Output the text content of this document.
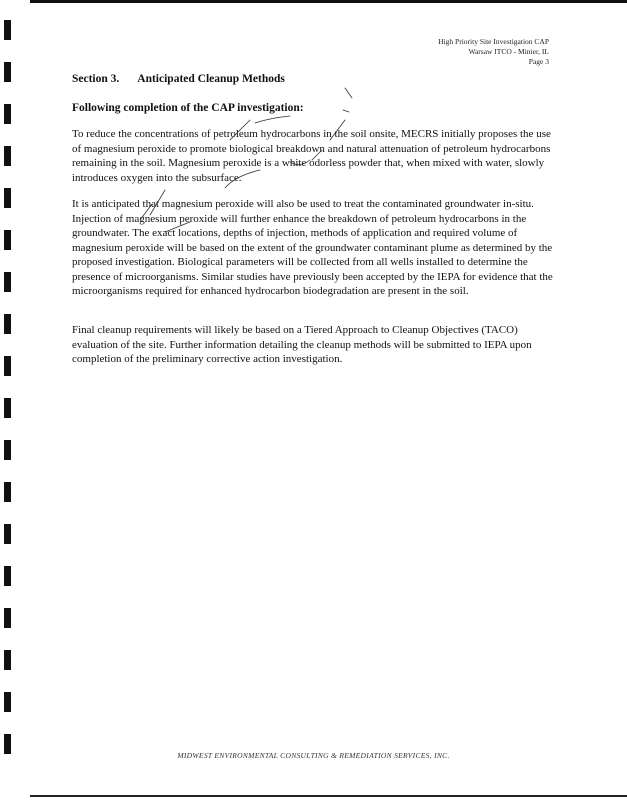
High Priority Site Investigation CAP
Warsaw ITCO - Minier, IL
Page 3
Section 3. Anticipated Cleanup Methods
Following completion of the CAP investigation:
To reduce the concentrations of petroleum hydrocarbons in the soil onsite, MECRS initially proposes the use of magnesium peroxide to promote biological breakdown and natural attenuation of petroleum hydrocarbons remaining in the soil. Magnesium peroxide is a white odorless powder that, when mixed with water, slowly introduces oxygen into the subsurface.
It is anticipated that magnesium peroxide will also be used to treat the contaminated groundwater in-situ. Injection of magnesium peroxide will further enhance the breakdown of petroleum hydrocarbons in the groundwater. The exact locations, depths of injection, methods of application and required volume of magnesium peroxide will be based on the extent of the groundwater contaminant plume as determined by the proposed investigation. Biological parameters will be collected from all wells installed to determine the presence of microorganisms. Similar studies have previously been accepted by the IEPA for evidence that the microorganisms required for enhanced hydrocarbon biodegradation are present in the soil.
Final cleanup requirements will likely be based on a Tiered Approach to Cleanup Objectives (TACO) evaluation of the site. Further information detailing the cleanup methods will be submitted to IEPA upon completion of the preliminary corrective action investigation.
MIDWEST ENVIRONMENTAL CONSULTING & REMEDIATION SERVICES, INC.
